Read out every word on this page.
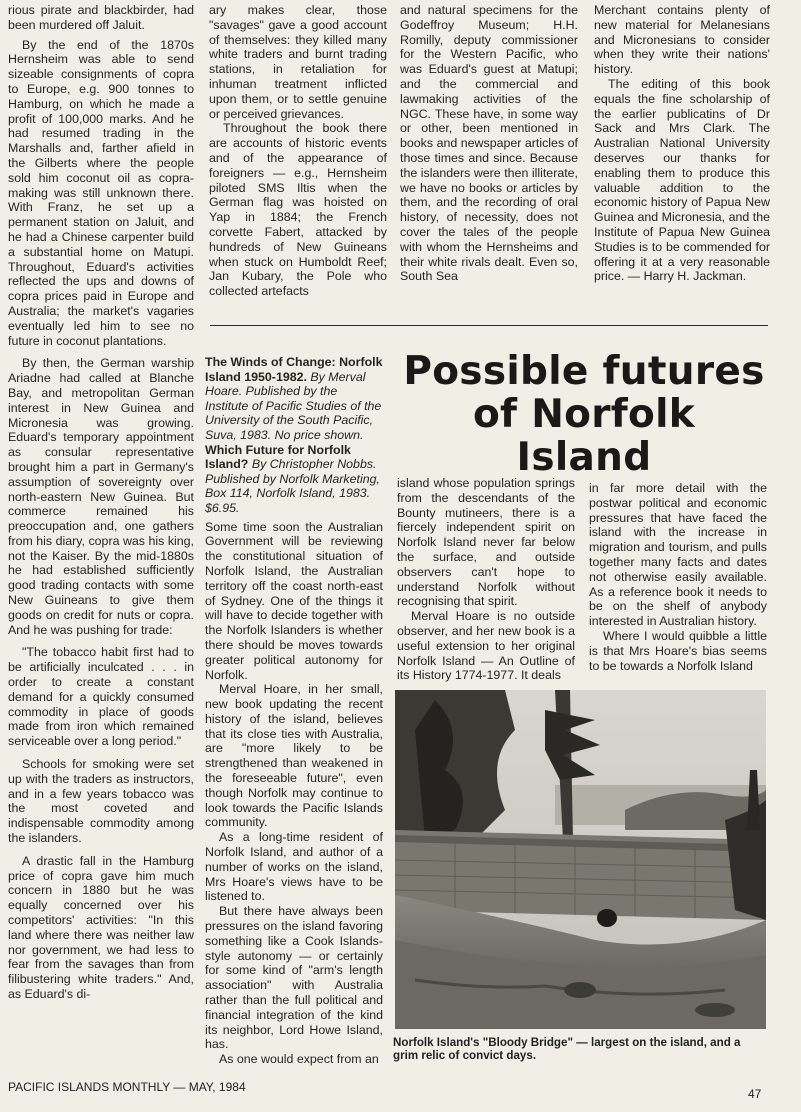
rious pirate and blackbirder, had been murdered off Jaluit.

By the end of the 1870s Hernsheim was able to send sizeable consignments of copra to Europe, e.g. 900 tonnes to Hamburg, on which he made a profit of 100,000 marks. And he had resumed trading in the Marshalls and, farther afield in the Gilberts where the people sold him coconut oil as copra-making was still unknown there. With Franz, he set up a permanent station on Jaluit, and he had a Chinese carpenter build a substantial home on Matupi. Throughout, Eduard's activities reflected the ups and downs of copra prices paid in Europe and Australia; the market's vagaries eventually led him to see no future in coconut plantations.

By then, the German warship Ariadne had called at Blanche Bay, and metropolitan German interest in New Guinea and Micronesia was growing. Eduard's temporary appointment as consular representative brought him a part in Germany's assumption of sovereignty over north-eastern New Guinea. But commerce remained his preoccupation and, one gathers from his diary, copra was his king, not the Kaiser. By the mid-1880s he had established sufficiently good trading contacts with some New Guineans to give them goods on credit for nuts or copra. And he was pushing for trade:

"The tobacco habit first had to be artificially inculcated . . . in order to create a constant demand for a quickly consumed commodity in place of goods made from iron which remained serviceable over a long period."

Schools for smoking were set up with the traders as instructors, and in a few years tobacco was the most coveted and indispensable commodity among the islanders.

A drastic fall in the Hamburg price of copra gave him much concern in 1880 but he was equally concerned over his competitors' activities: "In this land where there was neither law nor government, we had less to fear from the savages than from filibustering white traders." And, as Eduard's di-

ary makes clear, those "savages" gave a good account of themselves: they killed many white traders and burnt trading stations, in retaliation for inhuman treatment inflicted upon them, or to settle genuine or perceived grievances.

Throughout the book there are accounts of historic events and of the appearance of foreigners — e.g., Hernsheim piloted SMS Iltis when the German flag was hoisted on Yap in 1884; the French corvette Fabert, attacked by hundreds of New Guineans when stuck on Humboldt Reef; Jan Kubary, the Pole who collected artefacts

and natural specimens for the Godeffroy Museum; H.H. Romilly, deputy commissioner for the Western Pacific, who was Eduard's guest at Matupi; and the commercial and lawmaking activities of the NGC. These have, in some way or other, been mentioned in books and newspaper articles of those times and since. Because the islanders were then illiterate, we have no books or articles by them, and the recording of oral history, of necessity, does not cover the tales of the people with whom the Hernsheims and their white rivals dealt. Even so, South Sea

Merchant contains plenty of new material for Melanesians and Micronesians to consider when they write their nations' history.

The editing of this book equals the fine scholarship of the earlier publicatins of Dr Sack and Mrs Clark. The Australian National University deserves our thanks for enabling them to produce this valuable addition to the economic history of Papua New Guinea and Micronesia, and the Institute of Papua New Guinea Studies is to be commended for offering it at a very reasonable price. — Harry H. Jackman.

The Winds of Change: Norfolk Island 1950-1982. By Merval Hoare. Published by the Institute of Pacific Studies of the University of the South Pacific, Suva, 1983. No price shown. Which Future for Norfolk Island? By Christopher Nobbs. Published by Norfolk Marketing, Box 114, Norfolk Island, 1983. $6.95.

Some time soon the Australian Government will be reviewing the constitutional situation of Norfolk Island, the Australian territory off the coast north-east of Sydney. One of the things it will have to decide together with the Norfolk Islanders is whether there should be moves towards greater political autonomy for Norfolk.

Merval Hoare, in her small, new book updating the recent history of the island, believes that its close ties with Australia, are "more likely to be strengthened than weakened in the foreseeable future", even though Norfolk may continue to look towards the Pacific Islands community.

As a long-time resident of Norfolk Island, and author of a number of works on the island, Mrs Hoare's views have to be listened to.

But there have always been pressures on the island favoring something like a Cook Islands-style autonomy — or certainly for some kind of "arm's length association" with Australia rather than the full political and financial integration of the kind its neighbor, Lord Howe Island, has.

As one would expect from an

Possible futures
of Norfolk
Island

island whose population springs from the descendants of the Bounty mutineers, there is a fiercely independent spirit on Norfolk Island never far below the surface, and outside observers can't hope to understand Norfolk without recognising that spirit.

Merval Hoare is no outside observer, and her new book is a useful extension to her original Norfolk Island — An Outline of its History 1774-1977. It deals

in far more detail with the postwar political and economic pressures that have faced the island with the increase in migration and tourism, and pulls together many facts and dates not otherwise easily available. As a reference book it needs to be on the shelf of anybody interested in Australian history.

Where I would quibble a little is that Mrs Hoare's bias seems to be towards a Norfolk Island

Norfolk Island's "Bloody Bridge" — largest on the island, and a grim relic of convict days.
PACIFIC ISLANDS MONTHLY — MAY, 1984	47
